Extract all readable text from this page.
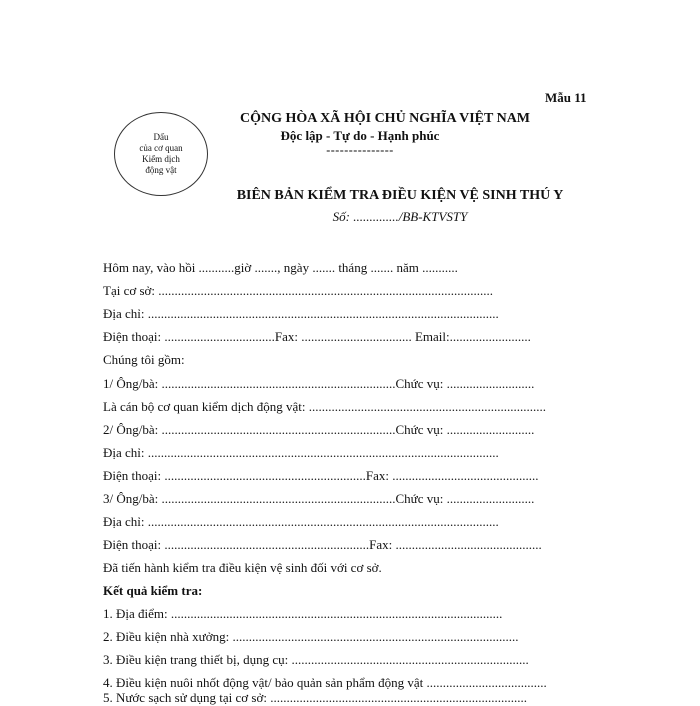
Mẫu 11
Dấu
của cơ quan
Kiểm dịch
động vật
CỘNG HÒA XÃ HỘI CHỦ NGHĨA VIỆT NAM
Độc lập - Tự do - Hạnh phúc
---------------
BIÊN BẢN KIỂM TRA ĐIỀU KIỆN VỆ SINH THÚ Y
Số: ............../BB-KTVSTY
Hôm nay, vào hồi ...........giờ ......., ngày ....... tháng ....... năm ...........
Tại cơ sở: .......................................................................................................
Địa chỉ: ............................................................................................................
Điện thoại: ..................................Fax: .................................. Email:.........................
Chúng tôi gồm:
1/ Ông/bà: ........................................................................Chức vụ: ...........................
Là cán bộ cơ quan kiểm dịch động vật: .........................................................................
2/ Ông/bà: ........................................................................Chức vụ: ...........................
Địa chỉ: ............................................................................................................
Điện thoại: ..............................................................Fax: .............................................
3/ Ông/bà: ........................................................................Chức vụ: ...........................
Địa chỉ: ............................................................................................................
Điện thoại: ...............................................................Fax: .............................................
Đã tiến hành kiểm tra điều kiện vệ sinh đối với cơ sở.
Kết quả kiểm tra:
1. Địa điểm: ......................................................................................................
2. Điều kiện nhà xưởng: ........................................................................................
3. Điều kiện trang thiết bị, dụng cụ: .........................................................................
4. Điều kiện nuôi nhốt động vật/ bảo quản sản phẩm động vật .....................................
5. Nước sạch sử dụng tại cơ sở: ...............................................................................
